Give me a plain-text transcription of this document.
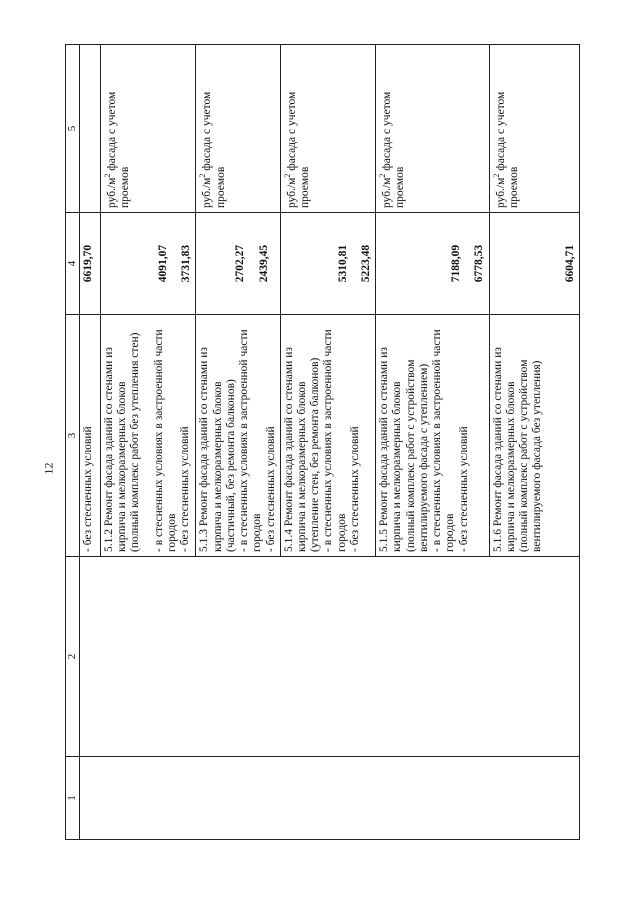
12
1	2	3	4	5
		- без стесненных условий	6619,70	

		5.1.2 Ремонт фасада зданий со стенами из кирпича и мелкоразмерных блоков (полный комплекс работ без утепления стен) - в стесненных условиях в застроенной части городов - без стесненных условий	4091,07 3731,83	$руб./м^2$ фасада с учетом проемов

		5.1.3 Ремонт фасада зданий со стенами из кирпича и мелкоразмерных блоков (частичный, без ремонта балконов) - в стесненных условиях в застроенной части городов - без стесненных условий	2702,27 2439,45	$руб./м^2$ фасада с учетом проемов

		5.1.4 Ремонт фасада зданий со стенами из кирпича и мелкоразмерных блоков (утепление стен, без ремонта балконов) - в стесненных условиях в застроенной части городов - без стесненных условий	5310,81 5223,48	$руб./м^2$ фасада с учетом проемов

		5.1.5 Ремонт фасада зданий со стенами из кирпича и мелкоразмерных блоков (полный комплекс работ с устройством вентилируемого фасада с утеплением) - в стесненных условиях в застроенной части городов - без стесненных условий	7188,09 6778,53	$руб./м^2$ фасада с учетом проемов

		5.1.6 Ремонт фасада зданий со стенами из кирпича и мелкоразмерных блоков (полный комплекс работ с устройством вентилируемого фасада без утепления)	6604,71	$руб./м^2$ фасада с учетом проемов
